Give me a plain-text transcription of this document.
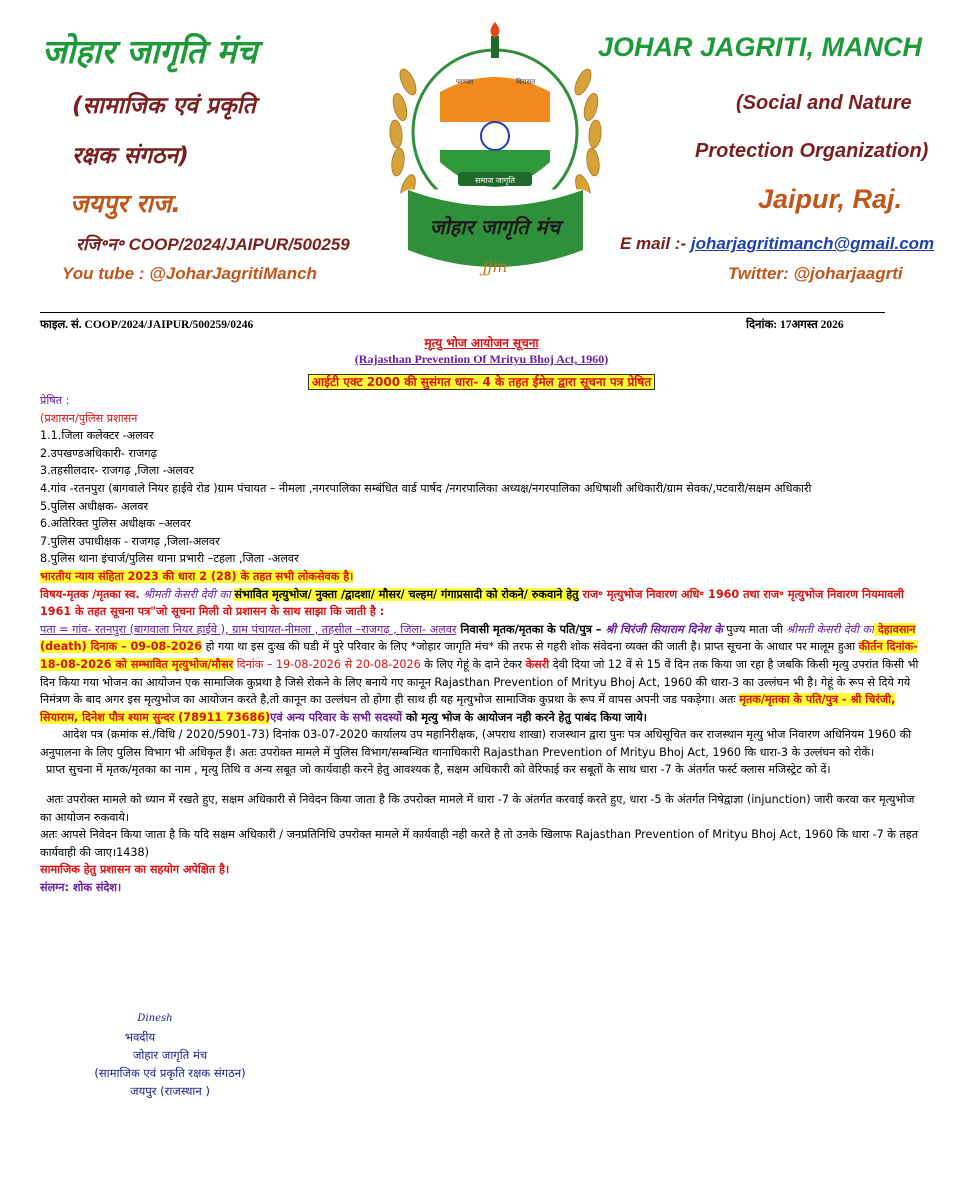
जोहार जागृति मंच
(सामाजिक एवं प्रकृति
रक्षक संगठन)
जयपुर राज.
रजि॰न॰ COOP/2024/JAIPUR/500259
You tube : @JoharJagritiManch
समाज जागृति
परम्परा	विरासत
जोहार जागृति मंच
jjm
JOHAR JAGRITI, MANCH
(Social and Nature
Protection Organization)
Jaipur, Raj.
E mail :- joharjagritimanch@gmail.com
Twitter: @joharjaagrti
फाइल. सं. COOP/2024/JAIPUR/500259/0246	दिनांक: 17अगस्त 2026
मृत्यु भोज आयोजन सूचना
(Rajasthan Prevention Of Mrityu Bhoj Act, 1960)
आईटी एक्ट 2000 की सुसंगत धारा- 4 के तहत ईमेल द्वारा सूचना पत्र प्रेषित

प्रेषित :

(प्रशासन/पुलिस प्रशासन

1.1.जिला कलेक्टर -अलवर

2.उपखण्डअधिकारी- राजगढ़

3.तहसीलदार- राजगढ़ ,जिला -अलवर

4.गांव -रतनपुरा (बागवाले नियर हाईवे रोड )ग्राम पंचायत – नीमला ,नगरपालिका सम्बंधित वार्ड पार्षद /नगरपालिका अध्यक्ष/नगरपालिका अधिषाशी अधिकारी/ग्राम सेवक/,पटवारी/सक्षम अधिकारी

5.पुलिस अधीक्षक- अलवर

6.अतिरिक्त पुलिस अधीक्षक –अलवर

7.पुलिस उपाधीक्षक - राजगढ़ ,जिला-अलवर

8.पुलिस थाना इंचार्ज/पुलिस थाना प्रभारी –टहला ,जिला -अलवर

भारतीय न्याय संहिता 2023 की धारा 2 (28) के तहत सभी लोकसेवक है।

विषय-मृतक /मृतका स्व. श्रीमती केसरी देवी का संभावित मृत्युभोज/ नुक्ता /द्वादशा/ मौसर/ चल्हम/ गंगाप्रसादी को रोकने/ रुकवाने हेतु राज॰ मृत्युभोज निवारण अधि॰ 1960 तथा राज॰ मृत्युभोज निवारण नियमावली 1961 के तहत सूचना पत्र"जो सूचना मिली वो प्रशासन के साथ साझा कि जाती है :

पता = गांव- रतनपुरा (बागवाला नियर हाईवे ), ग्राम पंचायत-नीमला , तहसील –राजगढ़ , जिला- अलवर निवासी मृतक/मृतका के पति/पुत्र – श्री चिरंजी सियाराम दिनेश के पुज्य माता जी श्रीमती केसरी देवी का देहावसान (death) दिनाक – 09-08-2026 हो गया था इस दुःख की घडी में पुरे परिवार के लिए *जोहार जागृति मंच* की तरफ से गहरी शोक संवेदना व्यक्त की जाती है। प्राप्त सूचना के आधार पर मालूम हुआ कीर्तन दिनांक- 18-08-2026 को सम्भावित मृत्युभोज/मौसर दिनांक – 19-08-2026 से 20-08-2026 के लिए गेहूं के दाने टेकर केसरी देवी दिया जो 12 वें से 15 वें दिन तक किया जा रहा है जबकि किसी मृत्यु उपरांत किसी भी दिन किया गया भोजन का आयोजन एक सामाजिक कुप्रथा है जिसे रोकने के लिए बनाये गए कानून Rajasthan Prevention of Mrityu Bhoj Act, 1960 की धारा-3 का उल्लंघन भी है। गेहूं के रूप से दिये गये निमंत्रण के बाद अगर इस मृत्युभोज का आयोजन करते है,तो कानून का उल्लंघन तो होगा ही साथ ही यह मृत्युभोज सामाजिक कुप्रथा के रूप में वापस अपनी जड पकड़ेगा। अतः मृतक/मृतका के पति/पुत्र - श्री चिरंजी, सियाराम, दिनेश पौत्र श्याम सुन्दर (78911 73686)एवं अन्य परिवार के सभी सदस्यों को मृत्यु भोज के आयोजन नही करने हेतु पाबंद किया जाये।

आदेश पत्र (क्रमांक सं./विधि / 2020/5901-73) दिनांक 03-07-2020 कार्यालय उप महानिरीक्षक, (अपराध शाखा) राजस्थान द्वारा पुनः पत्र अधिसूचित कर राजस्थान मृत्यु भोज निवारण अधिनियम 1960 की अनुपालना के लिए पुलिस विभाग भी अधिकृत हैं। अतः उपरोक्त मामले में पुलिस विभाग/सम्बन्धित थानाधिकारी Rajasthan Prevention of Mrityu Bhoj Act, 1960 कि धारा-3 के उल्लंघन को रोकें।

प्राप्त सुचना में मृतक/मृतका का नाम , मृत्यु तिथि व अन्य सबूत जो कार्यवाही करने हेतु आवश्यक है, सक्षम अधिकारी को वेरिफाई कर सबूतों के साथ धारा -7 के अंतर्गत फर्स्ट क्लास मजिस्ट्रेट को दें।

अतः उपरोक्त मामले को ध्यान में रखते हुए, सक्षम अधिकारी से निवेदन किया जाता है कि उपरोक्त मामले में धारा -7 के अंतर्गत करवाई करते हुए, धारा -5 के अंतर्गत निषेद्वाज्ञा (injunction) जारी करवा कर मृत्युभोज का आयोजन रुकवाये।

अतः आपसे निवेदन किया जाता है कि यदि सक्षम अधिकारी / जनप्रतिनिधि उपरोक्त मामले में कार्यवाही नही करते है तो उनके खिलाफ Rajasthan Prevention of Mrityu Bhoj Act, 1960 कि धारा -7 के तहत कार्यवाही की जाए।1438)

सामाजिक हेतु प्रशासन का सहयोग अपेक्षित है।

संलग्न: शोक संदेश।

Dinesh
भवदीय
जोहार जागृति मंच
(सामाजिक एवं प्रकृति रक्षक संगठन)
जयपुर (राजस्थान )
